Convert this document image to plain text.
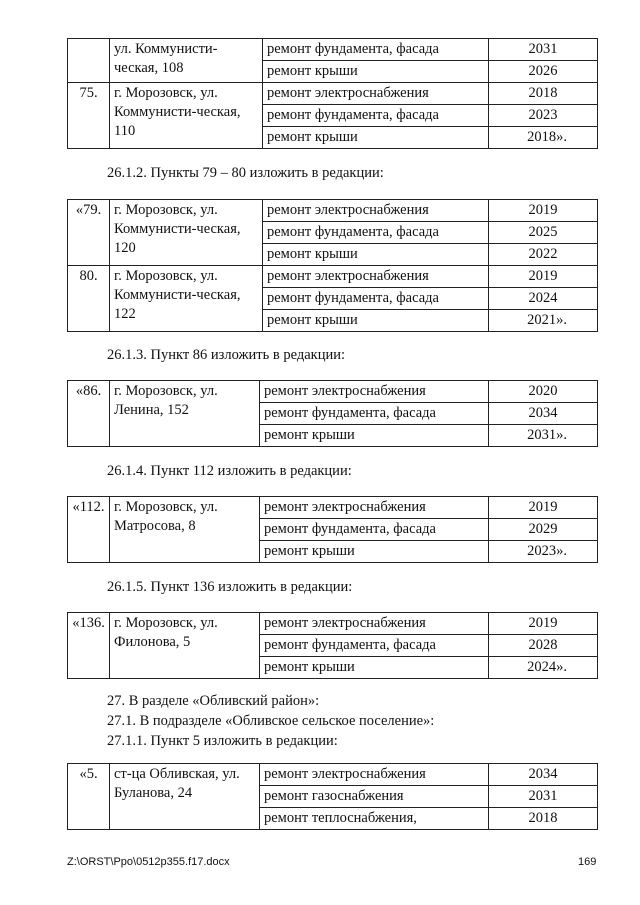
	ул. Коммунисти-ческая, 108	ремонт фундамента, фасада	2031
		ремонт крыши	2026
75.	г. Морозовск, ул. Коммунисти-ческая, 110	ремонт электроснабжения	2018
		ремонт фундамента, фасада	2023
		ремонт крыши	2018».
26.1.2. Пункты 79 – 80 изложить в редакции:
«79.	г. Морозовск, ул. Коммунисти-ческая, 120	ремонт электроснабжения	2019
		ремонт фундамента, фасада	2025
		ремонт крыши	2022
80.	г. Морозовск, ул. Коммунисти-ческая, 122	ремонт электроснабжения	2019
		ремонт фундамента, фасада	2024
		ремонт крыши	2021».
26.1.3. Пункт 86 изложить в редакции:
«86.	г. Морозовск, ул. Ленина, 152	ремонт электроснабжения	2020
		ремонт фундамента, фасада	2034
		ремонт крыши	2031».
26.1.4. Пункт 112 изложить в редакции:
«112.	г. Морозовск, ул. Матросова, 8	ремонт электроснабжения	2019
		ремонт фундамента, фасада	2029
		ремонт крыши	2023».
26.1.5. Пункт 136 изложить в редакции:
«136.	г. Морозовск, ул. Филонова, 5	ремонт электроснабжения	2019
		ремонт фундамента, фасада	2028
		ремонт крыши	2024».
27. В разделе «Обливский район»:
27.1. В подразделе «Обливское сельское поселение»:
27.1.1. Пункт 5 изложить в редакции:
«5.	ст-ца Обливская, ул. Буланова, 24	ремонт электроснабжения	2034
		ремонт газоснабжения	2031
		ремонт теплоснабжения,	2018
Z:\ORST\Ppo\0512p355.f17.docx	169
